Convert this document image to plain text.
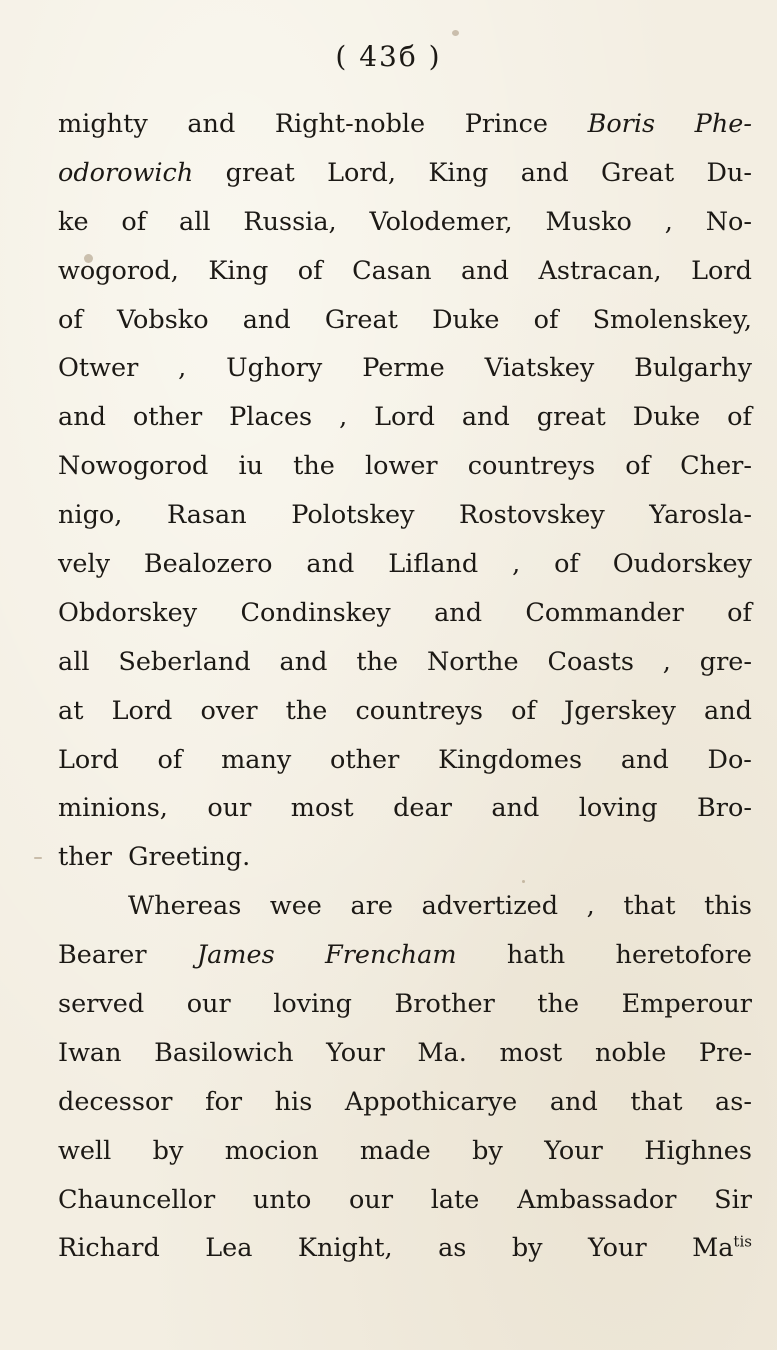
( 43б )
mighty and Right-noble Prince Boris Phe-
odorowich great Lord, King and Great Du-
ke of all Russia, Volodemer, Musko , No-
wogorod, King of Casan and Astracan, Lord
of Vobsko and Great Duke of Smolenskey,
Otwer , Ughory Perme Viatskey Bulgarhy
and other Places , Lord and great Duke of
Nowogorod iu the lower countreys of Cher-
nigo, Rasan Polotskey Rostovskey Yarosla-
vely Bealozero and Lifland , of Oudorskey
Obdorskey Condinskey and Commander of
all Seberland and the Northe Coasts , gre-
at Lord over the countreys of Jgerskey and
Lord of many other Kingdomes and Do-
minions, our most dear and loving Bro-
ther
Greeting.
Whereas wee are advertized , that this
Bearer James Frencham hath heretofore
served our loving Brother the Emperour
Iwan Basilowich Your Ma. most noble Pre-
decessor for his Appothicarye and that as-
well by mocion made by Your Highnes
Chauncellor unto our late Ambassador Sir
Richard Lea Knight, as by Your $Ma^{tis}$
